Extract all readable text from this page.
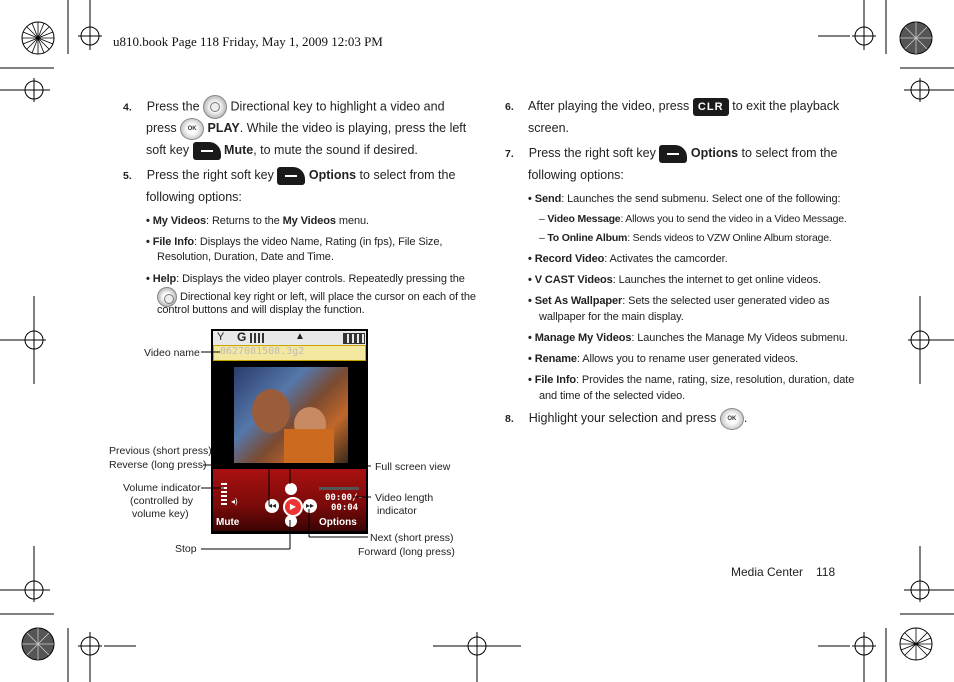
u810.book Page 118 Friday, May 1, 2009 12:03 PM
4. Press the Directional key to highlight a video and
press OK PLAY. While the video is playing, press the left
soft key	Mute, to mute the sound if desired.
5. Press the right soft key	Options to select from the
following options:
• My Videos: Returns to the My Videos menu.
• File Info: Displays the video Name, Rating (in fps), File Size,
Resolution, Duration, Date and Time.
• Help: Displays the video player controls. Repeatedly pressing the
Directional key right or left, will place the cursor on each of the
control buttons and will display the function.
Y G	▲
0627081508.3g2
◂)	◂◂	▶	▸▸
00:00/-
00:04
Mute	Options
Video name
Previous (short press)
Reverse (long press)
Volume indicator
(controlled by
volume key)
Stop
Full screen view
Video length
indicator
Next (short press)
Forward (long press)
6. After playing the video, press CLR to exit the playback
screen.
7. Press the right soft key	Options to select from the
following options:
• Send: Launches the send submenu. Select one of the following:
– Video Message: Allows you to send the video in a Video Message.
– To Online Album: Sends videos to VZW Online Album storage.
• Record Video: Activates the camcorder.
• V CAST Videos: Launches the internet to get online videos.
• Set As Wallpaper: Sets the selected user generated video as
wallpaper for the main display.
• Manage My Videos: Launches the Manage My Videos submenu.
• Rename: Allows you to rename user generated videos.
• File Info: Provides the name, rating, size, resolution, duration, date
and time of the selected video.
8. Highlight your selection and press OK .
Media Center 118
